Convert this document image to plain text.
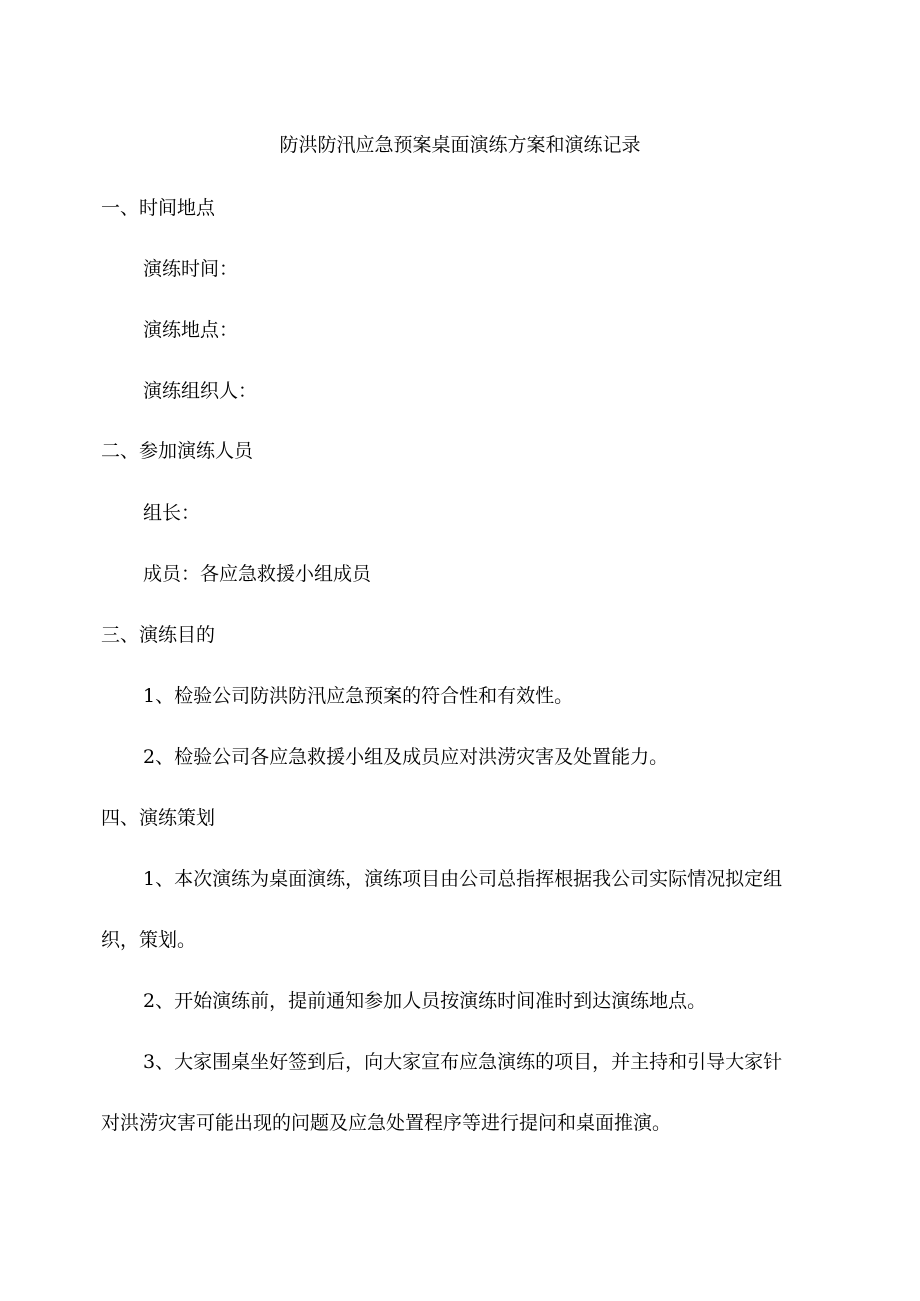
防洪防汛应急预案桌面演练方案和演练记录
一、时间地点
演练时间：
演练地点：
演练组织人：
二、参加演练人员
组长：
成员：各应急救援小组成员
三、演练目的
1、检验公司防洪防汛应急预案的符合性和有效性。
2、检验公司各应急救援小组及成员应对洪涝灾害及处置能力。
四、演练策划
1、本次演练为桌面演练，演练项目由公司总指挥根据我公司实际情况拟定组
织，策划。
2、开始演练前，提前通知参加人员按演练时间准时到达演练地点。
3、大家围桌坐好签到后，向大家宣布应急演练的项目，并主持和引导大家针
对洪涝灾害可能出现的问题及应急处置程序等进行提问和桌面推演。
